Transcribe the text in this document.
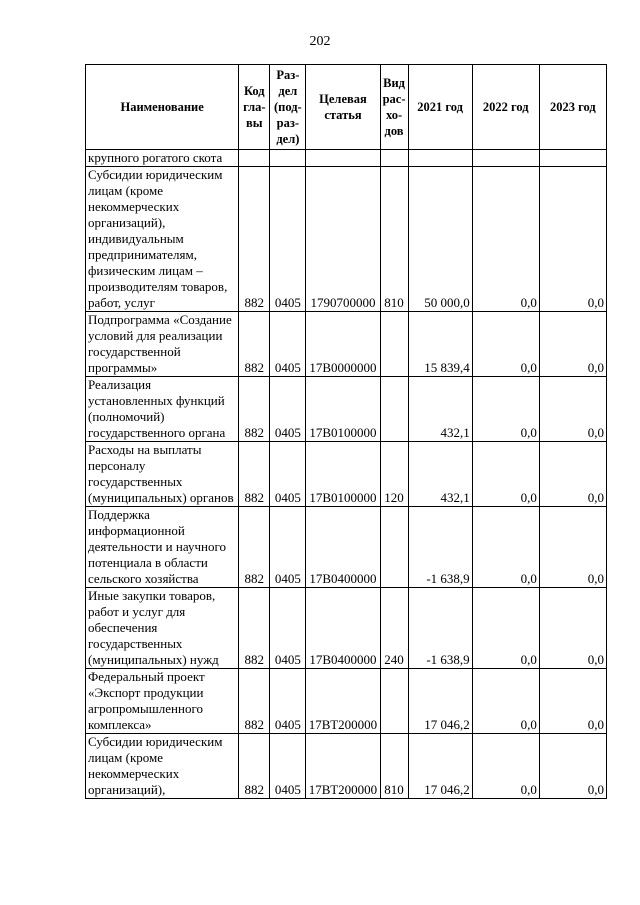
202
Наименование	Код гла- вы	Раз- дел (под- раз- дел)	Целевая статья	Вид рас- хо- дов	2021 год	2022 год	2023 год
крупного рогатого скота							
Субсидии юридическим лицам (кроме некоммерческих организаций), индивидуальным предпринимателям, физическим лицам – производителям товаров, работ, услуг	882	0405	1790700000	810	50 000,0	0,0	0,0
Подпрограмма «Создание условий для реализации государственной программы»	882	0405	17В0000000		15 839,4	0,0	0,0
Реализация установленных функций (полномочий) государственного органа	882	0405	17В0100000		432,1	0,0	0,0
Расходы на выплаты персоналу государственных (муниципальных) органов	882	0405	17В0100000	120	432,1	0,0	0,0
Поддержка информационной деятельности и научного потенциала в области сельского хозяйства	882	0405	17В0400000		-1 638,9	0,0	0,0
Иные закупки товаров, работ и услуг для обеспечения государственных (муниципальных) нужд	882	0405	17В0400000	240	-1 638,9	0,0	0,0
Федеральный проект «Экспорт продукции агропромышленного комплекса»	882	0405	17ВТ200000		17 046,2	0,0	0,0
Субсидии юридическим лицам (кроме некоммерческих организаций),	882	0405	17ВТ200000	810	17 046,2	0,0	0,0
